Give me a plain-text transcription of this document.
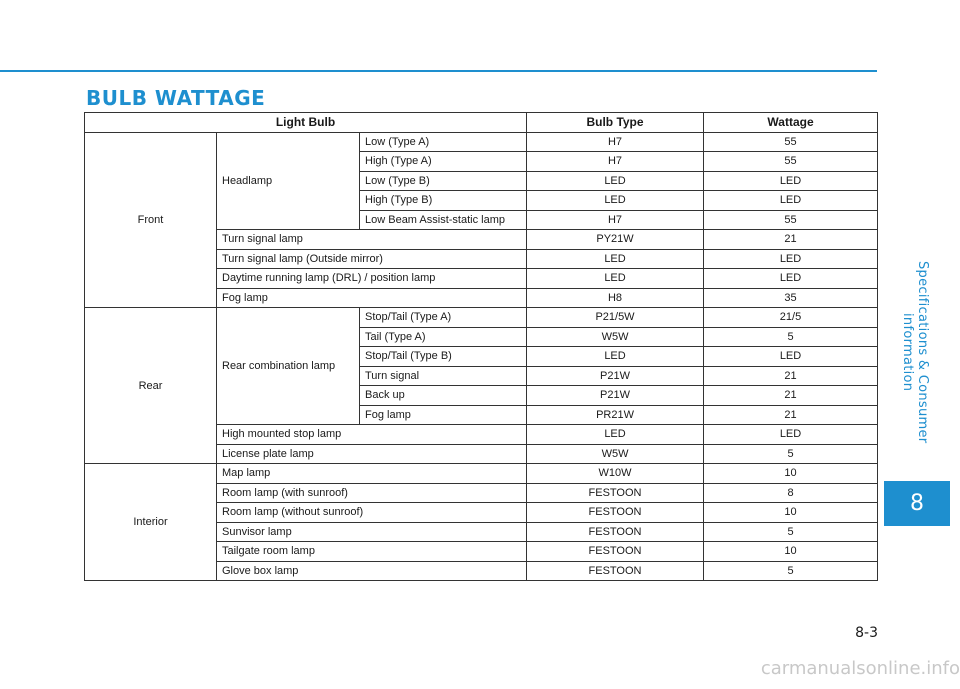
BULB WATTAGE
Specifications & Consumer information
8
8-3
carmanualsonline.info
Light Bulb			Bulb Type	Wattage
Front	Headlamp	Low (Type A)	H7	55
		High (Type A)	H7	55
		Low (Type B)	LED	LED
		High (Type B)	LED	LED
		Low Beam Assist-static lamp	H7	55
	Turn signal lamp		PY21W	21
	Turn signal lamp (Outside mirror)		LED	LED
	Daytime running lamp (DRL) / position lamp		LED	LED
	Fog lamp		H8	35
Rear	Rear combination lamp	Stop/Tail (Type A)	P21/5W	21/5
		Tail (Type A)	W5W	5
		Stop/Tail (Type B)	LED	LED
		Turn signal	P21W	21
		Back up	P21W	21
		Fog lamp	PR21W	21
	High mounted stop lamp		LED	LED
	License plate lamp		W5W	5
Interior	Map lamp		W10W	10
	Room lamp (with sunroof)		FESTOON	8
	Room lamp (without sunroof)		FESTOON	10
	Sunvisor lamp		FESTOON	5
	Tailgate room lamp		FESTOON	10
	Glove box lamp		FESTOON	5
